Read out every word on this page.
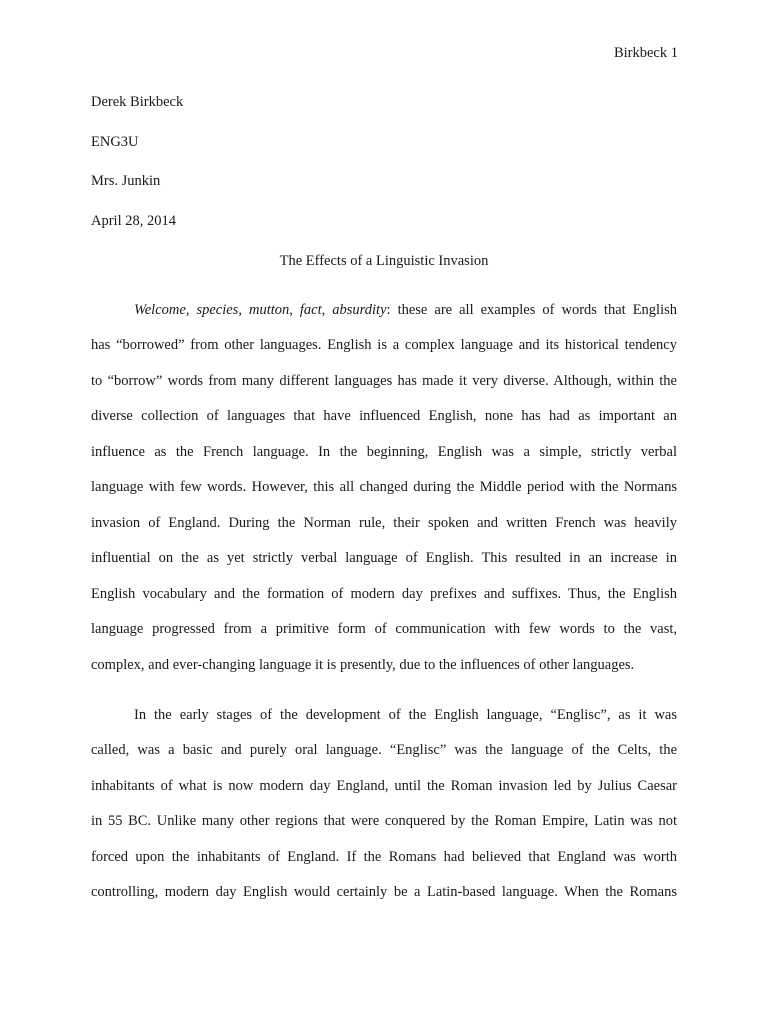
Birkbeck 1
Derek Birkbeck
ENG3U
Mrs. Junkin
April 28, 2014
The Effects of a Linguistic Invasion
Welcome, species, mutton, fact, absurdity: these are all examples of words that English
has “borrowed” from other languages. English is a complex language and its historical tendency
to “borrow” words from many different languages has made it very diverse. Although, within the
diverse collection of languages that have influenced English, none has had as important an
influence as the French language. In the beginning, English was a simple, strictly verbal
language with few words. However, this all changed during the Middle period with the Normans
invasion of England. During the Norman rule, their spoken and written French was heavily
influential on the as yet strictly verbal language of English. This resulted in an increase in
English vocabulary and the formation of modern day prefixes and suffixes. Thus, the English
language progressed from a primitive form of communication with few words to the vast,
complex, and ever-changing language it is presently, due to the influences of other languages.
In the early stages of the development of the English language, “Englisc”, as it was
called, was a basic and purely oral language. “Englisc” was the language of the Celts, the
inhabitants of what is now modern day England, until the Roman invasion led by Julius Caesar
in 55 BC. Unlike many other regions that were conquered by the Roman Empire, Latin was not
forced upon the inhabitants of England. If the Romans had believed that England was worth
controlling, modern day English would certainly be a Latin-based language. When the Romans
